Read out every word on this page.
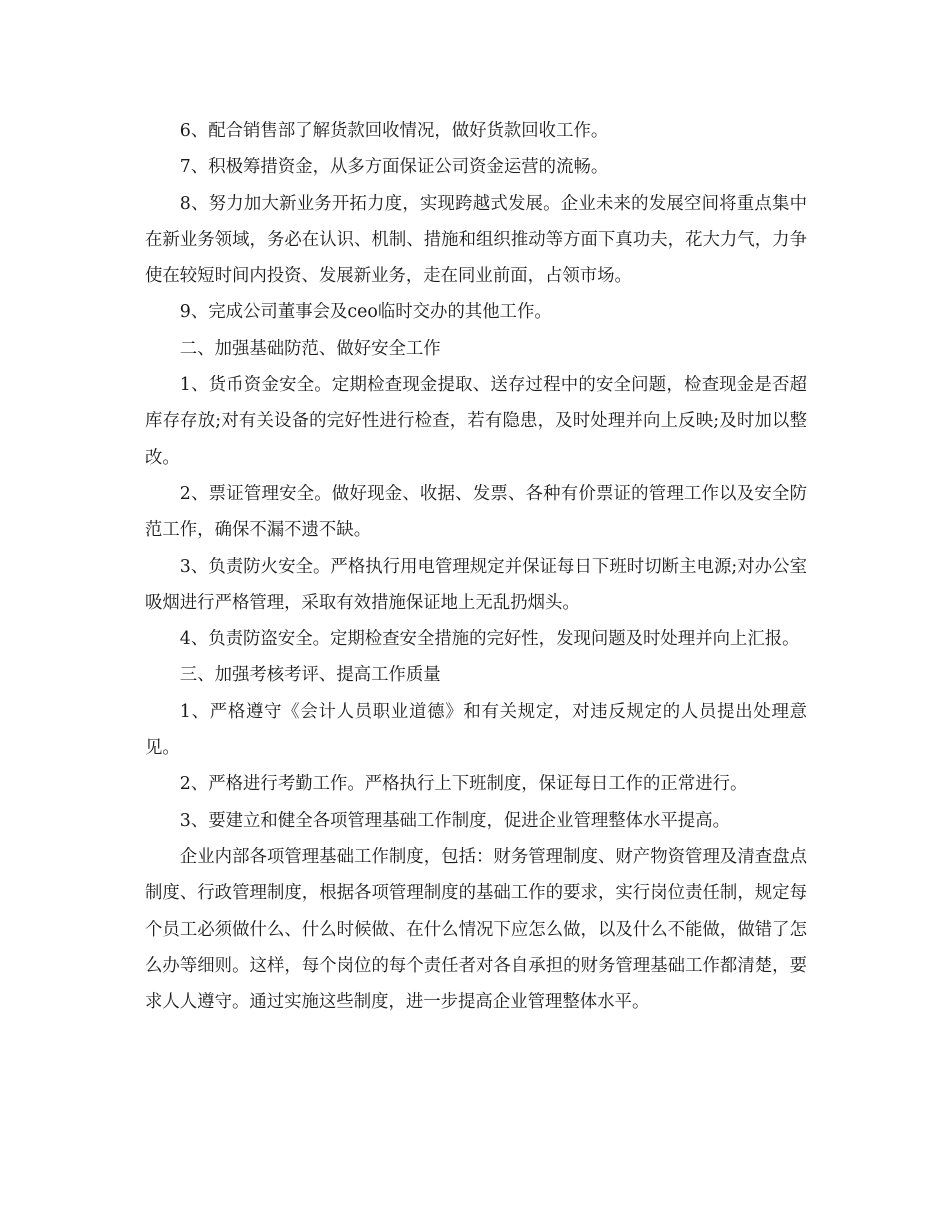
6、配合销售部了解货款回收情况，做好货款回收工作。

7、积极筹措资金，从多方面保证公司资金运营的流畅。

8、努力加大新业务开拓力度，实现跨越式发展。企业未来的发展空间将重点集中在新业务领域，务必在认识、机制、措施和组织推动等方面下真功夫，花大力气，力争使在较短时间内投资、发展新业务，走在同业前面，占领市场。

9、完成公司董事会及ceo临时交办的其他工作。

二、加强基础防范、做好安全工作

1、货币资金安全。定期检查现金提取、送存过程中的安全问题，检查现金是否超库存存放;对有关设备的完好性进行检查，若有隐患，及时处理并向上反映;及时加以整改。

2、票证管理安全。做好现金、收据、发票、各种有价票证的管理工作以及安全防范工作，确保不漏不遗不缺。

3、负责防火安全。严格执行用电管理规定并保证每日下班时切断主电源;对办公室吸烟进行严格管理，采取有效措施保证地上无乱扔烟头。

4、负责防盗安全。定期检查安全措施的完好性，发现问题及时处理并向上汇报。

三、加强考核考评、提高工作质量

1、严格遵守《会计人员职业道德》和有关规定，对违反规定的人员提出处理意见。

2、严格进行考勤工作。严格执行上下班制度，保证每日工作的正常进行。

3、要建立和健全各项管理基础工作制度，促进企业管理整体水平提高。

企业内部各项管理基础工作制度，包括：财务管理制度、财产物资管理及清查盘点制度、行政管理制度，根据各项管理制度的基础工作的要求，实行岗位责任制，规定每个员工必须做什么、什么时候做、在什么情况下应怎么做，以及什么不能做，做错了怎么办等细则。这样，每个岗位的每个责任者对各自承担的财务管理基础工作都清楚，要求人人遵守。通过实施这些制度，进一步提高企业管理整体水平。
